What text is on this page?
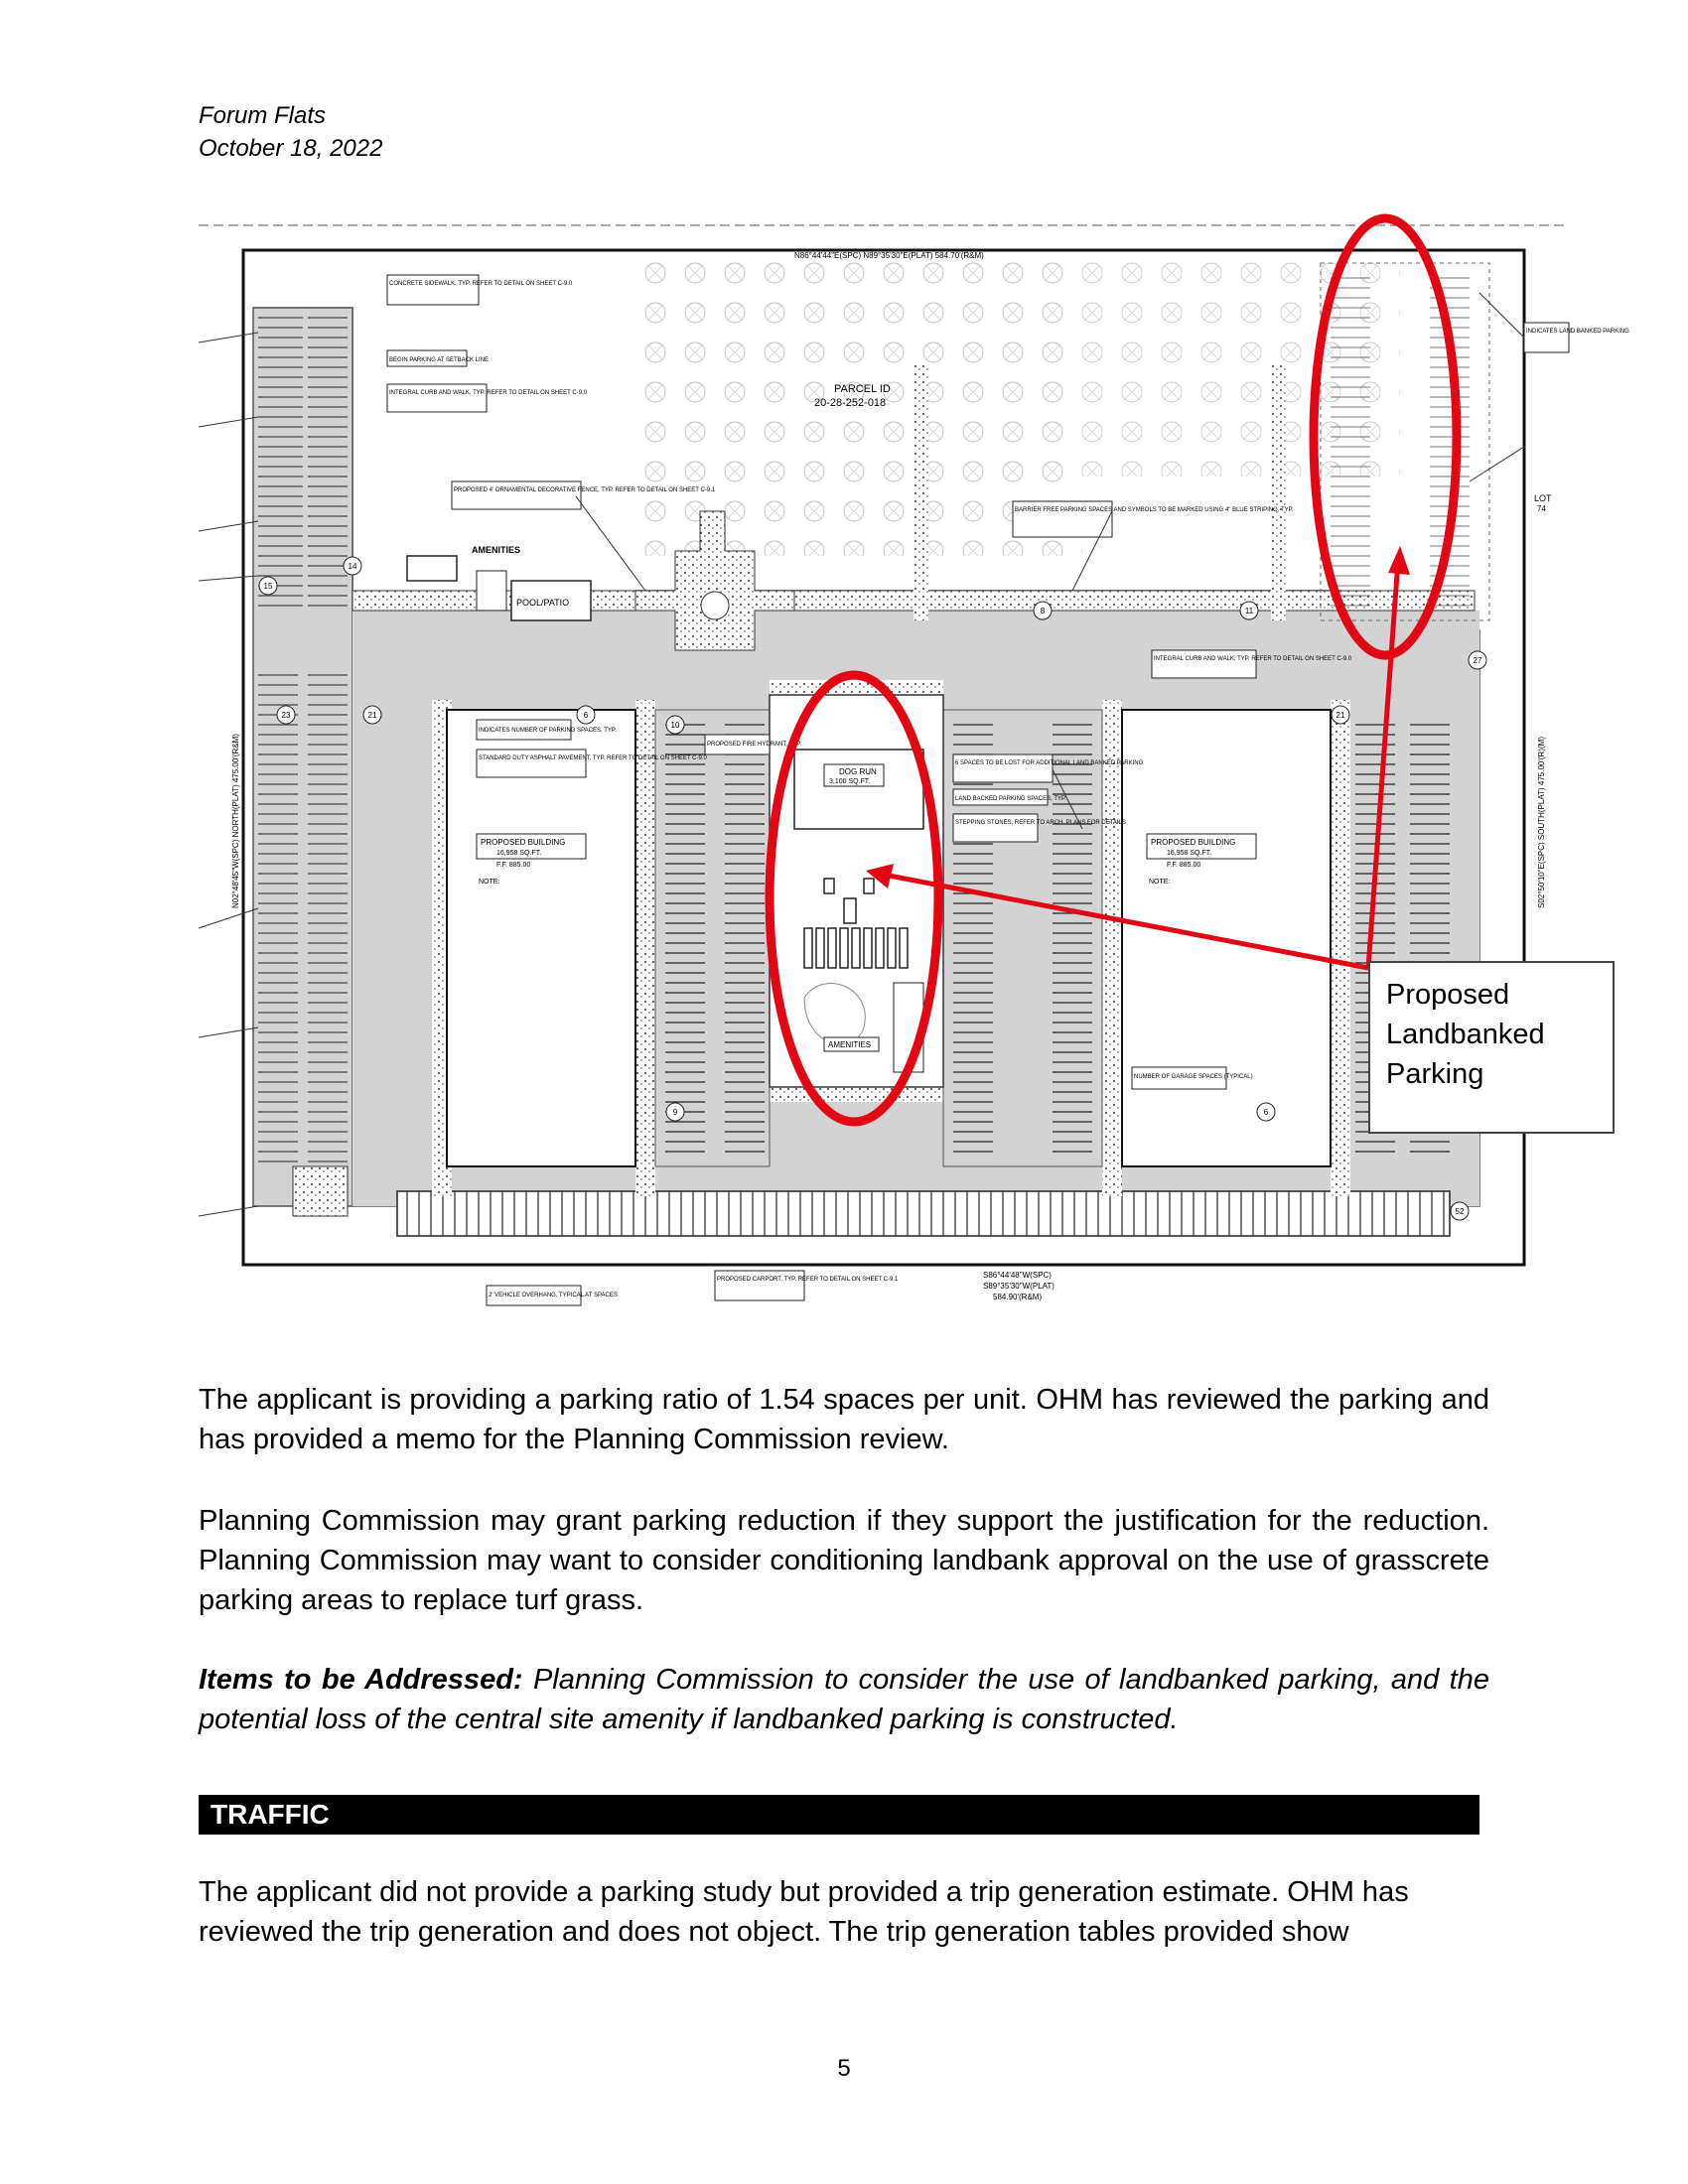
Forum Flats
October 18, 2022
POOL/PATIO
AMENITIES
PARCEL ID
20-28-252-018
N86°44'44"E(SPC) N89°35'30"E(PLAT) 584.70'(R&M)
S86°44'48"W(SPC)
S89°35'30"W(PLAT)
584.90'(R&M)
N02°48'45"W(SPC) NORTH(PLAT) 475.00'(R&M)	S02°50'10"E(SPC) SOUTH(PLAT) 475.00'(R)(M)
LOT
74
PROPOSED BUILDING
16,958 SQ.FT.
PROPOSED BUILDING
16,958 SQ.FT.
F.F. 885.00
F.F. 885.00
NOTE:	NOTE:
DOG RUN
3,100 SQ.FT.
AMENITIES
CONCRETE SIDEWALK, TYP. REFER TO DETAIL ON SHEET C-9.0
BEGIN PARKING AT SETBACK LINE
INTEGRAL CURB AND WALK, TYP. REFER TO DETAIL ON SHEET C-9.0
PROPOSED 4' ORNAMENTAL DECORATIVE FENCE, TYP. REFER TO DETAIL ON SHEET C-9.1
INDICATES NUMBER OF PARKING SPACES, TYP.
STANDARD DUTY ASPHALT PAVEMENT, TYP. REFER TO DETAIL ON SHEET C-9.0
PROPOSED FIRE HYDRANT, TYP.
6 SPACES TO BE LOST FOR ADDITIONAL LAND BANKED PARKING
LAND BACKED PARKING SPACES, TYP.
STEPPING STONES, REFER TO ARCH. PLANS FOR DETAILS
BARRIER FREE PARKING SPACES AND SYMBOLS TO BE MARKED USING 4" BLUE STRIPING, TYP.
INTEGRAL CURB AND WALK, TYP. REFER TO DETAIL ON SHEET C-9.0
NUMBER OF GARAGE SPACES (TYPICAL)
INDICATES LAND BANKED PARKING
PROPOSED CARPORT, TYP. REFER TO DETAIL ON SHEET C-9.1
2' VEHICLE OVERHANG, TYPICAL AT SPACES
14
15
21
23	6
10
8	11
27
9	6
21
52
Proposed
Landbanked
Parking

The applicant is providing a parking ratio of 1.54 spaces per unit. OHM has reviewed the parking and has provided a memo for the Planning Commission review.

Planning Commission may grant parking reduction if they support the justification for the reduction. Planning Commission may want to consider conditioning landbank approval on the use of grasscrete parking areas to replace turf grass.

Items to be Addressed: Planning Commission to consider the use of landbanked parking, and the potential loss of the central site amenity if landbanked parking is constructed.

TRAFFIC

The applicant did not provide a parking study but provided a trip generation estimate. OHM has reviewed the trip generation and does not object. The trip generation tables provided show

5
